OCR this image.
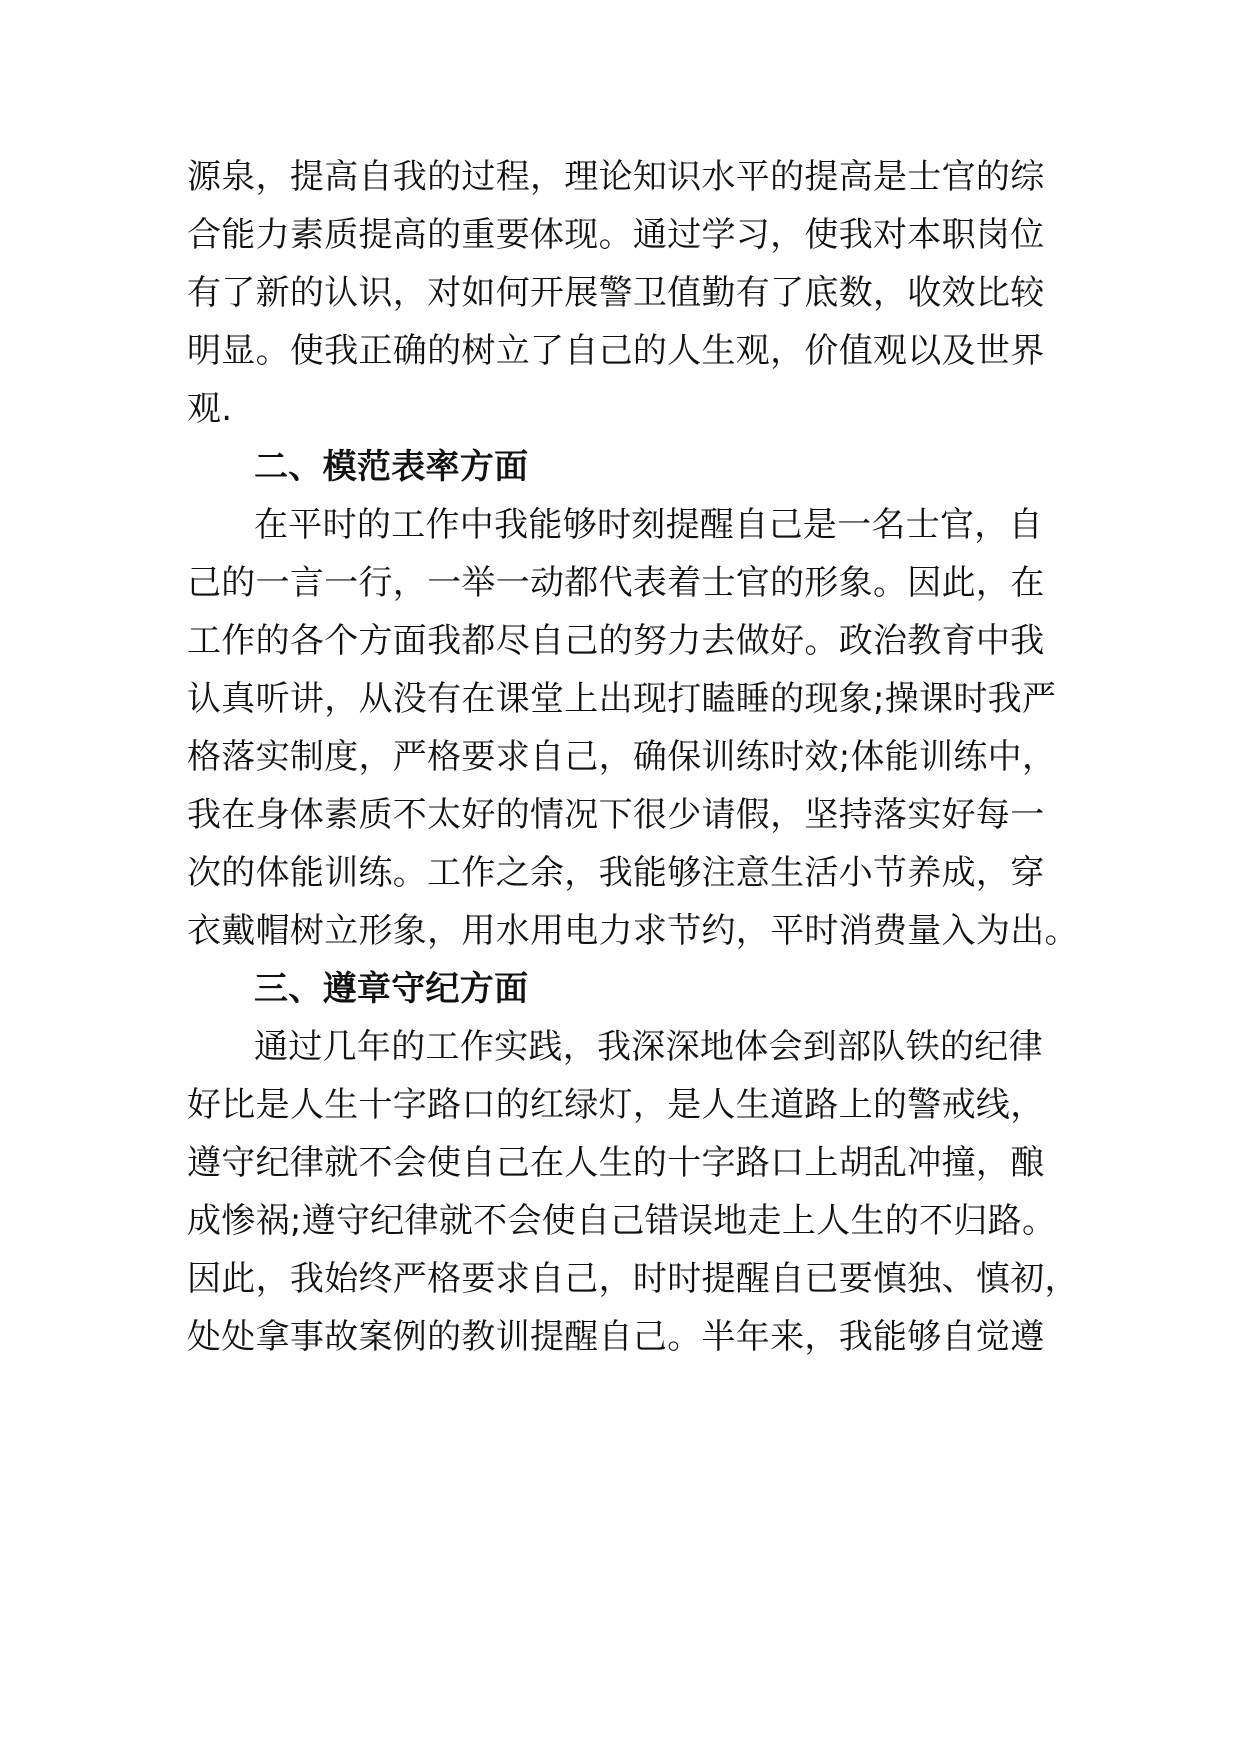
源泉，提高自我的过程，理论知识水平的提高是士官的综
合能力素质提高的重要体现。通过学习，使我对本职岗位
有了新的认识，对如何开展警卫值勤有了底数，收效比较
明显。使我正确的树立了自己的人生观，价值观以及世界
观.
二、模范表率方面
在平时的工作中我能够时刻提醒自己是一名士官，自
己的一言一行，一举一动都代表着士官的形象。因此，在
工作的各个方面我都尽自己的努力去做好。政治教育中我
认真听讲，从没有在课堂上出现打瞌睡的现象;操课时我严
格落实制度，严格要求自己，确保训练时效;体能训练中，
我在身体素质不太好的情况下很少请假，坚持落实好每一
次的体能训练。工作之余，我能够注意生活小节养成，穿
衣戴帽树立形象，用水用电力求节约，平时消费量入为出。
三、遵章守纪方面
通过几年的工作实践，我深深地体会到部队铁的纪律
好比是人生十字路口的红绿灯，是人生道路上的警戒线，
遵守纪律就不会使自己在人生的十字路口上胡乱冲撞，酿
成惨祸;遵守纪律就不会使自己错误地走上人生的不归路。
因此，我始终严格要求自己，时时提醒自已要慎独、慎初，
处处拿事故案例的教训提醒自己。半年来，我能够自觉遵
